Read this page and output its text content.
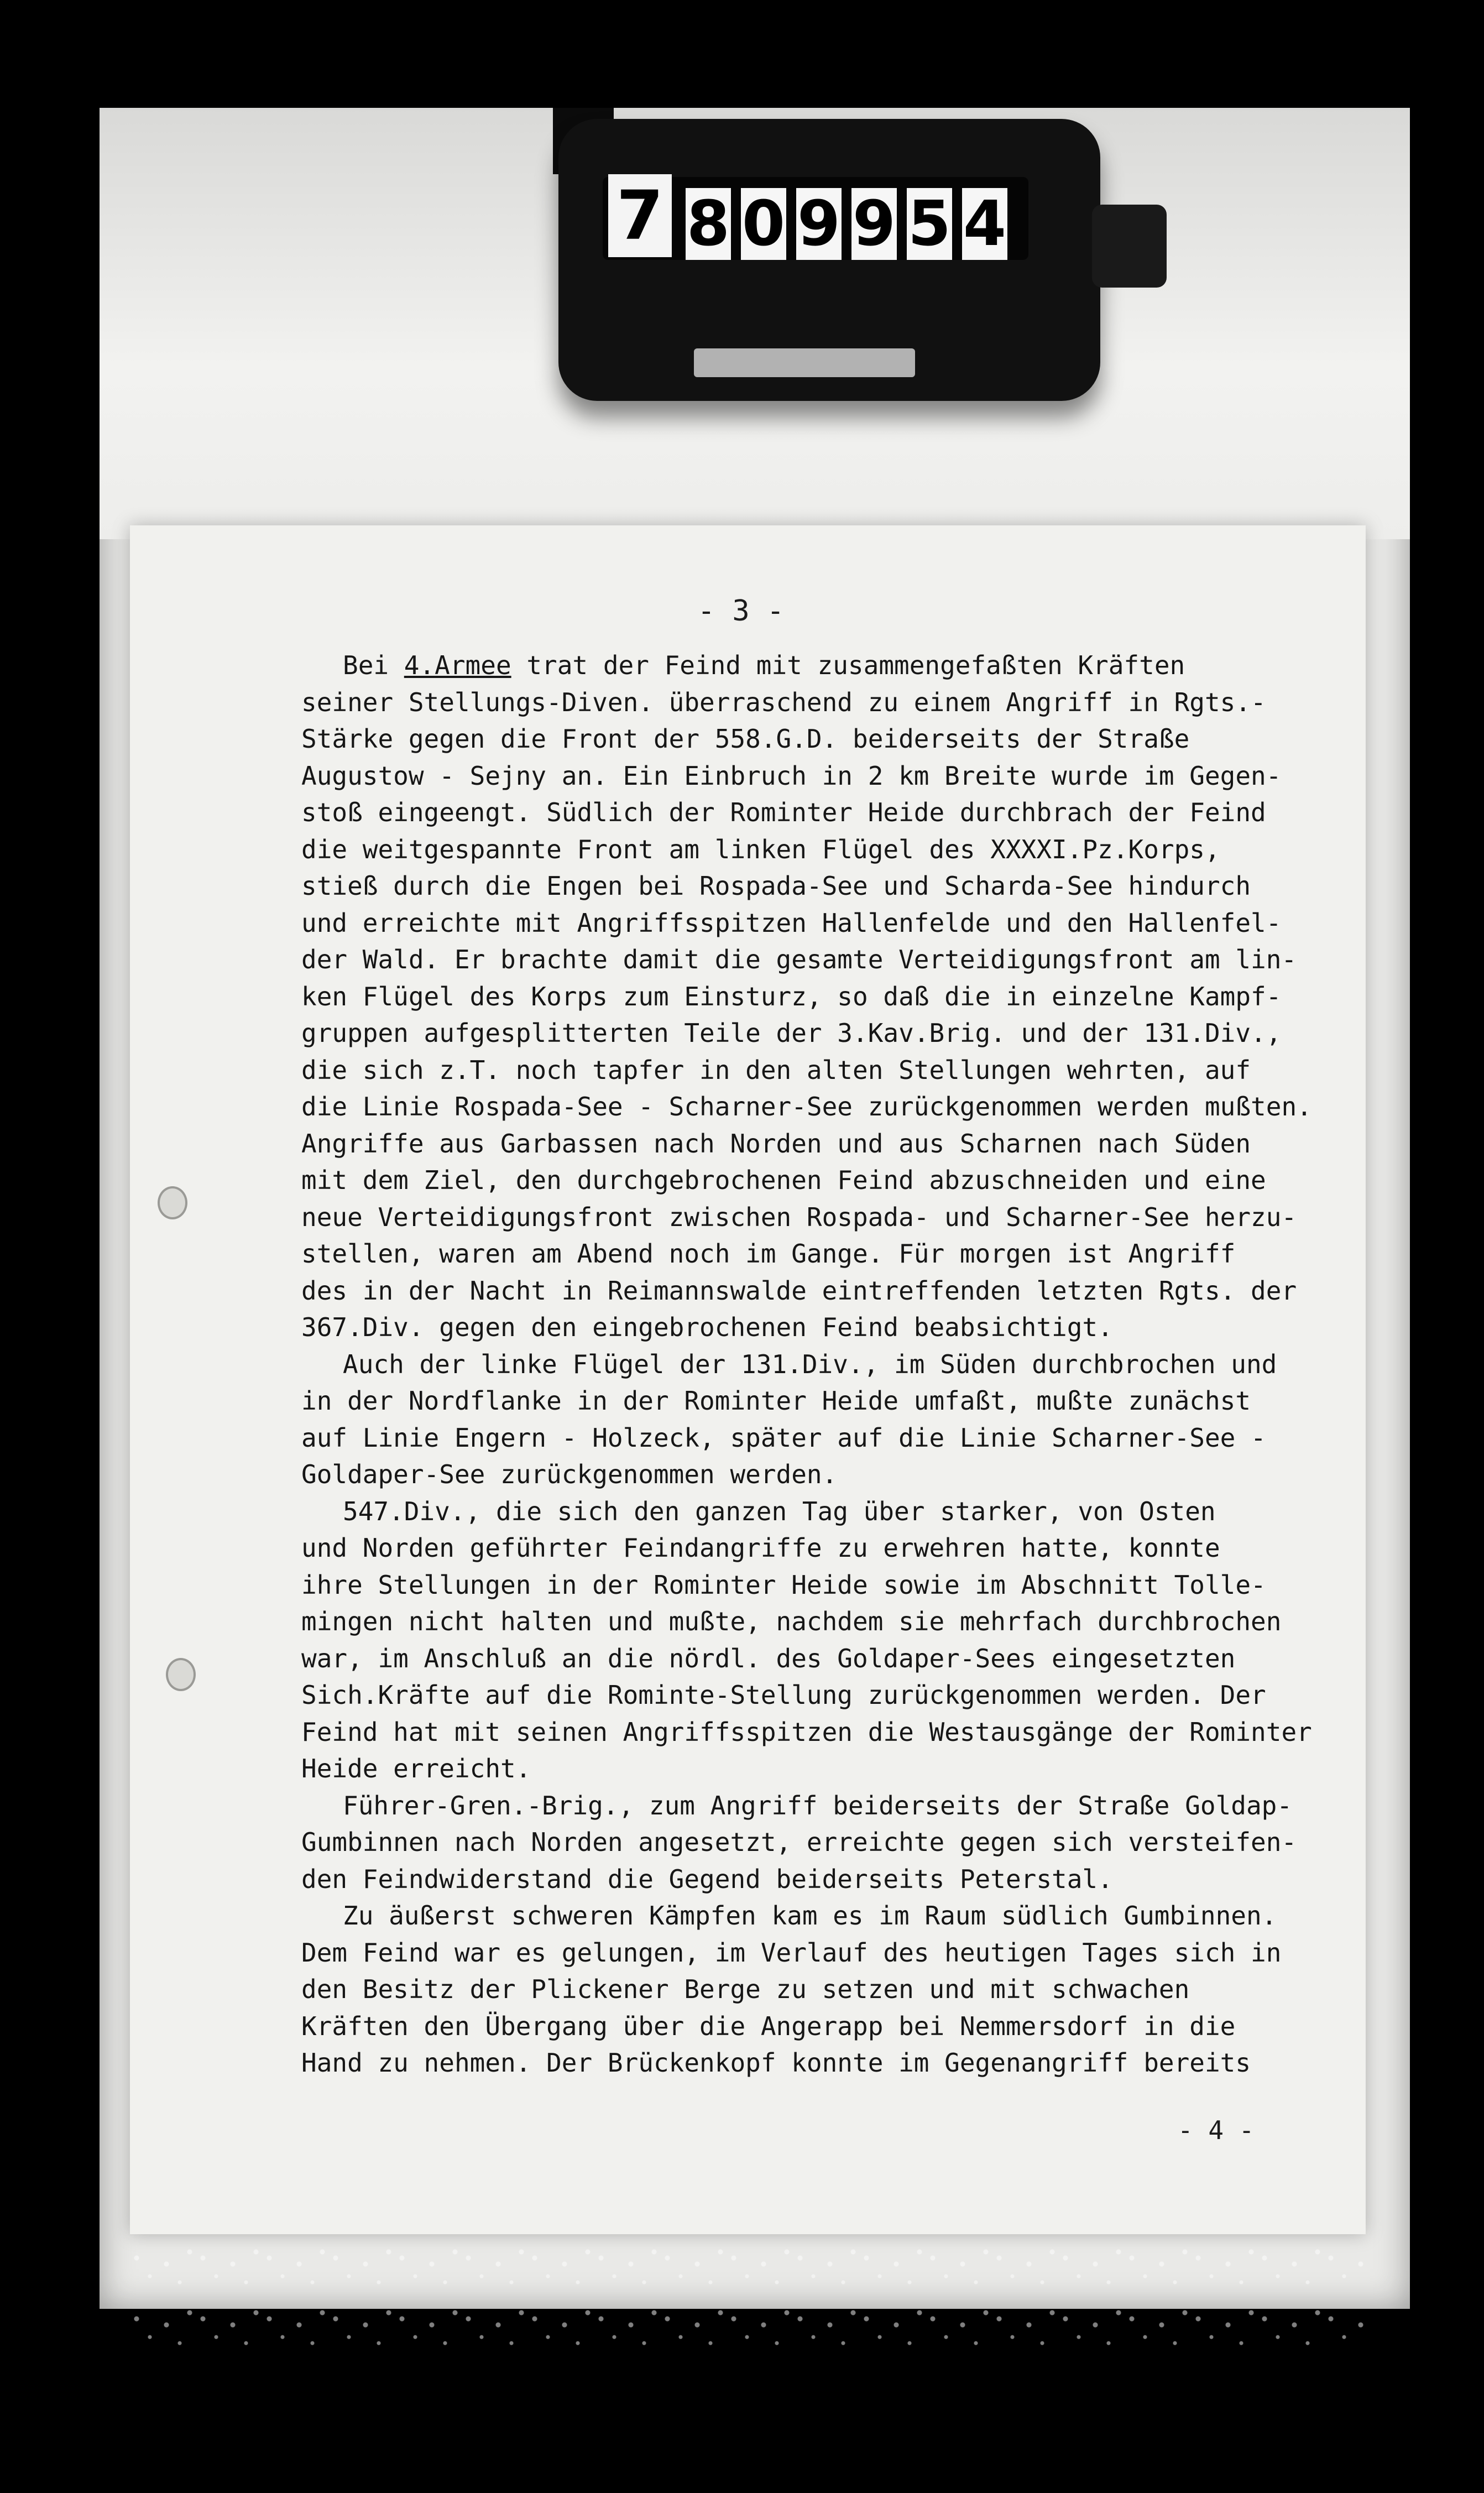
7 8 0 9 9 5 4
- 3 -
Bei 4.Armee trat der Feind mit zusammengefaßten Kräften
seiner Stellungs-Diven. überraschend zu einem Angriff in Rgts.-
Stärke gegen die Front der 558.G.D. beiderseits der Straße
Augustow - Sejny an. Ein Einbruch in 2 km Breite wurde im Gegen-
stoß eingeengt. Südlich der Rominter Heide durchbrach der Feind
die weitgespannte Front am linken Flügel des XXXXI.Pz.Korps,
stieß durch die Engen bei Rospada-See und Scharda-See hindurch
und erreichte mit Angriffsspitzen Hallenfelde und den Hallenfel-
der Wald. Er brachte damit die gesamte Verteidigungsfront am lin-
ken Flügel des Korps zum Einsturz, so daß die in einzelne Kampf-
gruppen aufgesplitterten Teile der 3.Kav.Brig. und der 131.Div.,
die sich z.T. noch tapfer in den alten Stellungen wehrten, auf
die Linie Rospada-See - Scharner-See zurückgenommen werden mußten.
Angriffe aus Garbassen nach Norden und aus Scharnen nach Süden
mit dem Ziel, den durchgebrochenen Feind abzuschneiden und eine
neue Verteidigungsfront zwischen Rospada- und Scharner-See herzu-
stellen, waren am Abend noch im Gange. Für morgen ist Angriff
des in der Nacht in Reimannswalde eintreffenden letzten Rgts. der
367.Div. gegen den eingebrochenen Feind beabsichtigt.
Auch der linke Flügel der 131.Div., im Süden durchbrochen und
in der Nordflanke in der Rominter Heide umfaßt, mußte zunächst
auf Linie Engern - Holzeck, später auf die Linie Scharner-See -
Goldaper-See zurückgenommen werden.
547.Div., die sich den ganzen Tag über starker, von Osten
und Norden geführter Feindangriffe zu erwehren hatte, konnte
ihre Stellungen in der Rominter Heide sowie im Abschnitt Tolle-
mingen nicht halten und mußte, nachdem sie mehrfach durchbrochen
war, im Anschluß an die nördl. des Goldaper-Sees eingesetzten
Sich.Kräfte auf die Rominte-Stellung zurückgenommen werden. Der
Feind hat mit seinen Angriffsspitzen die Westausgänge der Rominter
Heide erreicht.
Führer-Gren.-Brig., zum Angriff beiderseits der Straße Goldap-
Gumbinnen nach Norden angesetzt, erreichte gegen sich versteifen-
den Feindwiderstand die Gegend beiderseits Peterstal.
Zu äußerst schweren Kämpfen kam es im Raum südlich Gumbinnen.
Dem Feind war es gelungen, im Verlauf des heutigen Tages sich in
den Besitz der Plickener Berge zu setzen und mit schwachen
Kräften den Übergang über die Angerapp bei Nemmersdorf in die
Hand zu nehmen. Der Brückenkopf konnte im Gegenangriff bereits
- 4 -
